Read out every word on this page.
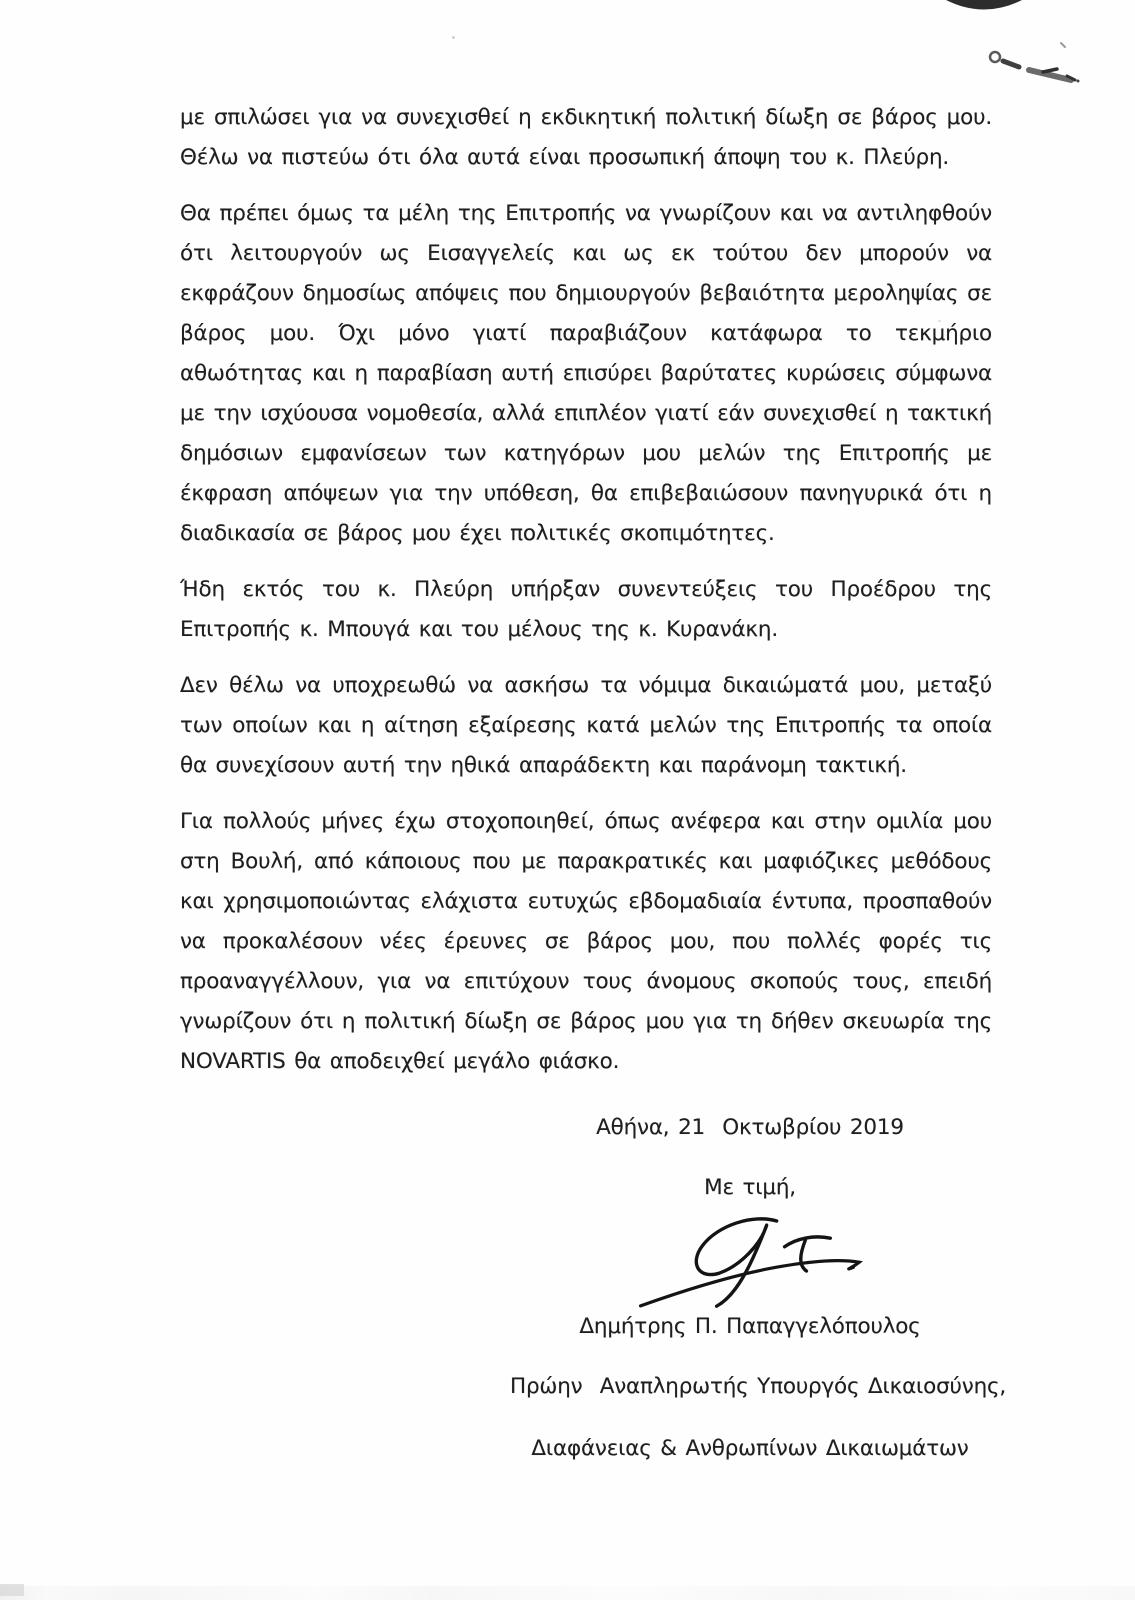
με σπιλώσει για να συνεχισθεί η εκδικητική πολιτική δίωξη σε βάρος μου. Θέλω να πιστεύω ότι όλα αυτά είναι προσωπική άποψη του κ. Πλεύρη.

Θα πρέπει όμως τα μέλη της Επιτροπής να γνωρίζουν και να αντιληφθούν ότι λειτουργούν ως Εισαγγελείς και ως εκ τούτου δεν μπορούν να εκφράζουν δημοσίως απόψεις που δημιουργούν βεβαιότητα μεροληψίας σε βάρος μου. Όχι μόνο γιατί παραβιάζουν κατάφωρα το τεκμήριο αθωότητας και η παραβίαση αυτή επισύρει βαρύτατες κυρώσεις σύμφωνα με την ισχύουσα νομοθεσία, αλλά επιπλέον γιατί εάν συνεχισθεί η τακτική δημόσιων εμφανίσεων των κατηγόρων μου μελών της Επιτροπής με έκφραση απόψεων για την υπόθεση, θα επιβεβαιώσουν πανηγυρικά ότι η διαδικασία σε βάρος μου έχει πολιτικές σκοπιμότητες.

Ήδη εκτός του κ. Πλεύρη υπήρξαν συνεντεύξεις του Προέδρου της Επιτροπής κ. Μπουγά και του μέλους της κ. Κυρανάκη.

Δεν θέλω να υποχρεωθώ να ασκήσω τα νόμιμα δικαιώματά μου, μεταξύ των οποίων και η αίτηση εξαίρεσης κατά μελών της Επιτροπής τα οποία θα συνεχίσουν αυτή την ηθικά απαράδεκτη και παράνομη τακτική.

Για πολλούς μήνες έχω στοχοποιηθεί, όπως ανέφερα και στην ομιλία μου στη Βουλή, από κάποιους που με παρακρατικές και μαφιόζικες μεθόδους και χρησιμοποιώντας ελάχιστα ευτυχώς εβδομαδιαία έντυπα, προσπαθούν να προκαλέσουν νέες έρευνες σε βάρος μου, που πολλές φορές τις προαναγγέλλουν, για να επιτύχουν τους άνομους σκοπούς τους, επειδή γνωρίζουν ότι η πολιτική δίωξη σε βάρος μου για τη δήθεν σκευωρία της NOVARTIS θα αποδειχθεί μεγάλο φιάσκο.

Αθήνα, 21  Οκτωβρίου 2019
Με τιμή,
Δημήτρης Π. Παπαγγελόπουλος
Πρώην  Αναπληρωτής Υπουργός Δικαιοσύνης,
Διαφάνειας & Ανθρωπίνων Δικαιωμάτων
